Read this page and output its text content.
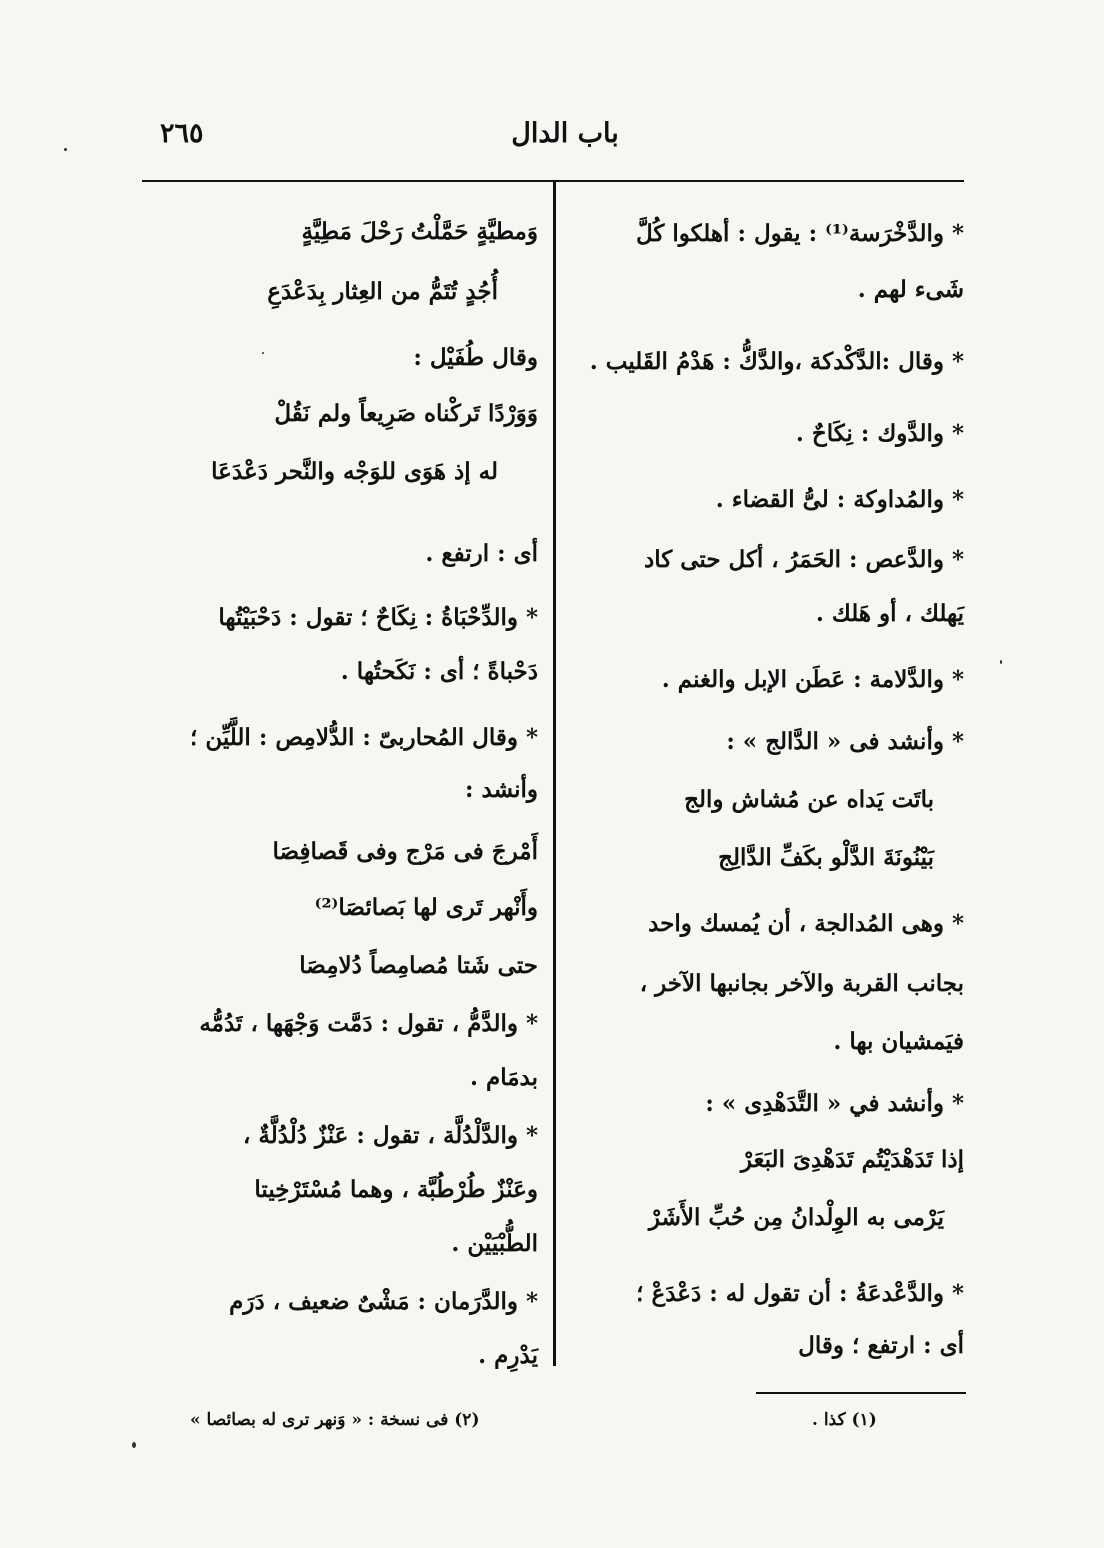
باب الدال
٢٦٥
* والدَّخْرَسة⁽¹⁾ : يقول : أهلكوا كُلَّ
شَىء لهم .
* وقال :الدَّكْدكة ،والدَّكُّ : هَدْمُ القَليب .
* والدَّوك : نِكَاحٌ .
* والمُداوكة : لىُّ القضاء .
* والدَّعص : الحَمَرُ ، أكل حتى كاد
يَهلك ، أو هَلك .
* والدَّلامة : عَطَن الإبل والغنم .
* وأنشد فى « الدَّالج » :
باتَت يَداه عن مُشاش والج
بَيْنُونَةَ الدَّلْو بكَفِّ الدَّالِج
* وهى المُدالجة ، أن يُمسك واحد
بجانب القربة والآخر بجانبها الآخر ،
فيَمشيان بها .
* وأنشد في « التَّدَهْدِى » :
إذا تَدَهْدَيْتُم تَدَهْدِىَ البَعَرْ
يَرْمى به الوِلْدانُ مِن حُبِّ الأَشَرْ
* والدَّعْدعَةُ : أن تقول له : دَعْدَعْ ؛
أى : ارتفع ؛ وقال
وَمطيَّةٍ حَمَّلْتُ رَحْلَ مَطِيَّةٍ
أُجُدٍ تُتَمُّ من العِثار بِدَعْدَعِ
وقال طُفَيْل :
وَوَرْدًا تَركْناه صَرِيعاً ولم نَقُلْ
له إذ هَوَى للوَجْه والنَّحر دَعْدَعَا
أى : ارتفع .
* والدِّحْبَاةُ : نِكَاحٌ ؛ تقول : دَحْبَيْتُها
دَحْباةً ؛ أى : نَكَحتُها .
* وقال المُحاربىّ : الدُّلامِص : اللَّيِّن ؛
وأنشد :
أَمْرجَ فى مَرْج وفى قَصافِصَا
وأَنْهر تَرى لها بَصائصَا⁽²⁾
حتى شَتا مُصامِصاً دُلامِصَا
* والدَّمُّ ، تقول : دَمَّت وَجْهَها ، تَدُمُّه
بدمَام .
* والدَّلْدُلَّة ، تقول : عَنْزٌ دُلْدُلَّةٌ ،
وعَنْزٌ طُرْطُبَّة ، وهما مُسْتَرْخِيتا
الطُّبْيَيْن .
* والدَّرَمان : مَشْىٌ ضعيف ، دَرَم
يَدْرِم .
(١) كذا .
(٢) فى نسخة : « وَنهر ترى له بصائصا »
